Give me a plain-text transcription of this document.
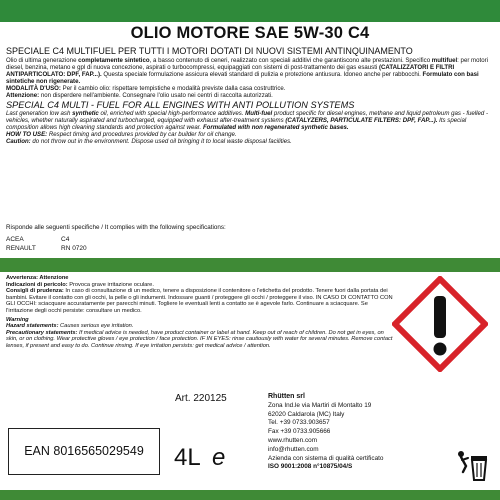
OLIO MOTORE SAE 5W-30 C4
SPECIALE C4 MULTIFUEL PER TUTTI I MOTORI DOTATI DI NUOVI SISTEMI ANTINQUINAMENTO

Olio di ultima generazione completamente sintetico, a basso contenuto di ceneri, realizzato con speciali additivi che garantiscono alte prestazioni. Specifico multifuel: per motori diesel, benzina, metano e gpl di nuova concezione, aspirati o turbocompressi, equipaggiati con sistemi di post-trattamento dei gas esausti (CATALIZZATORI E FILTRI ANTIPARTICOLATO: DPF, FAP...). Questa speciale formulazione assicura elevati standard di pulizia e protezione antiusura. Idoneo anche per rabbocchi. Formulato con basi sintetiche non rigenerate.

MODALITÀ D'USO: Per il cambio olio: rispettare tempistiche e modalità previste dalla casa costruttrice.

Attenzione: non disperdere nell'ambiente. Consegnare l'olio usato nei centri di raccolta autorizzati.

SPECIAL C4 MULTI - FUEL FOR ALL ENGINES WITH ANTI POLLUTION SYSTEMS

Last generation low ash synthetic oil, enriched with special high-performance additives. Multi-fuel product specific for diesel engines, methane and liquid petroleum gas - fuelled - vehicles, whether naturally aspirated and turbocharged, equipped with exhaust after-treatment systems (CATALYZERS, PARTICULATE FILTERS: DPF, FAP...). Its special composition allows high cleaning standards and protection against wear. Formulated with non regenerated synthetic bases.

HOW TO USE: Respect timing and procedures provided by car builder for oil change.

Caution: do not throw out in the environment. Dispose used oil bringing it to local waste disposal facilities.

Risponde alle seguenti specifiche / It complies with the following specifications:
ACEA	C4
RENAULT	RN 0720

Avvertenza: Attenzione

Indicazioni di pericolo: Provoca grave irritazione oculare.

Consigli di prudenza: In caso di consultazione di un medico, tenere a disposizione il contenitore o l'etichetta del prodotto. Tenere fuori dalla portata dei bambini. Evitare il contatto con gli occhi, la pelle o gli indumenti. Indossare guanti / proteggere gli occhi / proteggere il viso. IN CASO DI CONTATTO CON GLI OCCHI: sciacquare accuratamente per parecchi minuti. Togliere le eventuali lenti a contatto se è agevole farlo. Continuare a sciacquare. Se l'irritazione degli occhi persiste: consultare un medico.

Warning

Hazard statements: Causes serious eye irritation.

Precautionary statements: If medical advice is needed, have product container or label at hand. Keep out of reach of children. Do not get in eyes, on skin, or on clothing. Wear protective gloves / eye protection / face protection. IF IN EYES: rinse cautiously with water for several minutes. Remove contact lenses, if present and easy to do. Continue rinsing. If eye irritation persists: get medical advice / attention.

EAN 8016565029549
Art. 220125
4L e
Rhütten srl
Zona Ind.le via Martiri di Montalto 19
62020 Caldarola (MC) Italy
Tel. +39 0733.903657
Fax +39 0733.905666
www.rhutten.com
info@rhutten.com
Azienda con sistema di qualità certificato
ISO 9001:2008 n°10875/04/S
